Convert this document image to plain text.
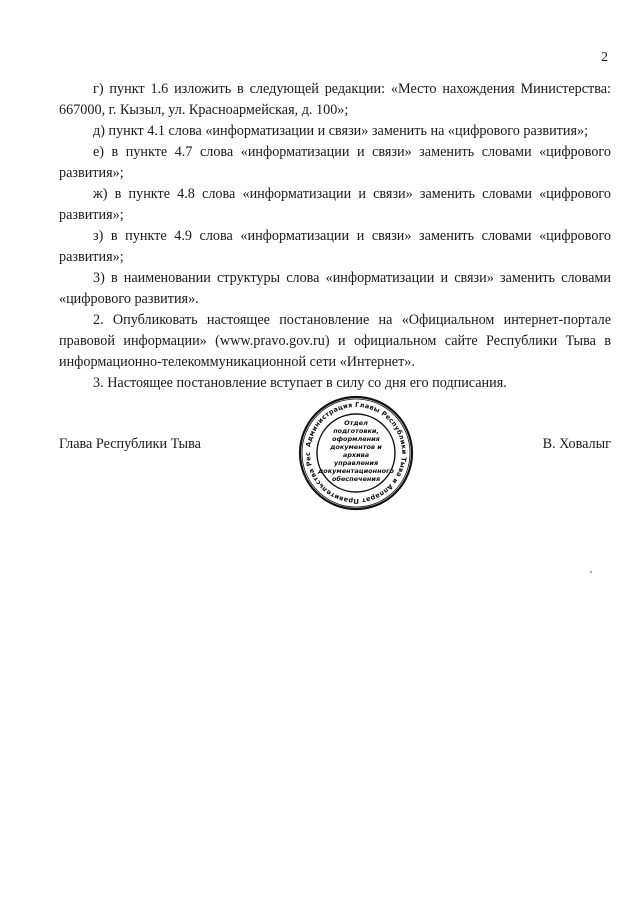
2

г) пункт 1.6 изложить в следующей редакции: «Место нахождения Министерства: 667000, г. Кызыл, ул. Красноармейская, д. 100»;

д) пункт 4.1 слова «информатизации и связи» заменить на «цифрового развития»;

е) в пункте 4.7 слова «информатизации и связи» заменить словами «цифрового развития»;

ж) в пункте 4.8 слова «информатизации и связи» заменить словами «цифрового развития»;

з) в пункте 4.9 слова «информатизации и связи» заменить словами «цифрового развития»;

3) в наименовании структуры слова «информатизации и связи» заменить словами «цифрового развития».

2. Опубликовать настоящее постановление на «Официальном интернет-портале правовой информации» (www.pravo.gov.ru) и официальном сайте Республики Тыва в информационно-телекоммуникационной сети «Интернет».

3. Настоящее постановление вступает в силу со дня его подписания.

Глава Республики Тыва	В. Ховалыг
Администрация Главы Республики Тыва и Аппарат Правительства Рес
Отдел
подготовки,
оформления
документов и архива
управления
документационного
обеспечения
